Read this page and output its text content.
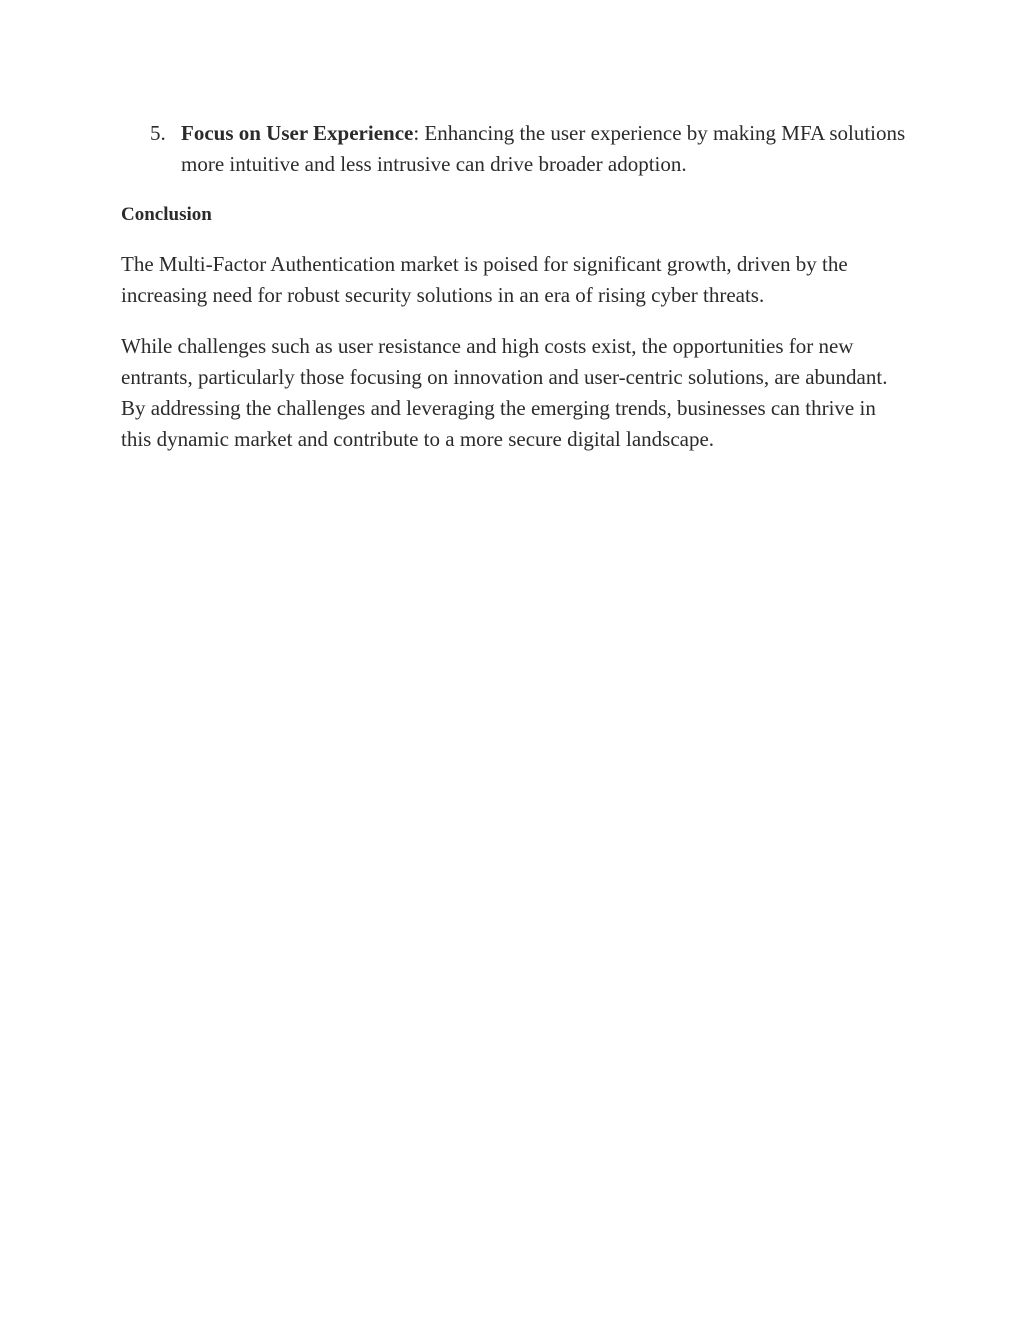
5. Focus on User Experience: Enhancing the user experience by making MFA solutions more intuitive and less intrusive can drive broader adoption.

Conclusion

The Multi-Factor Authentication market is poised for significant growth, driven by the increasing need for robust security solutions in an era of rising cyber threats.

While challenges such as user resistance and high costs exist, the opportunities for new entrants, particularly those focusing on innovation and user-centric solutions, are abundant. By addressing the challenges and leveraging the emerging trends, businesses can thrive in this dynamic market and contribute to a more secure digital landscape.
